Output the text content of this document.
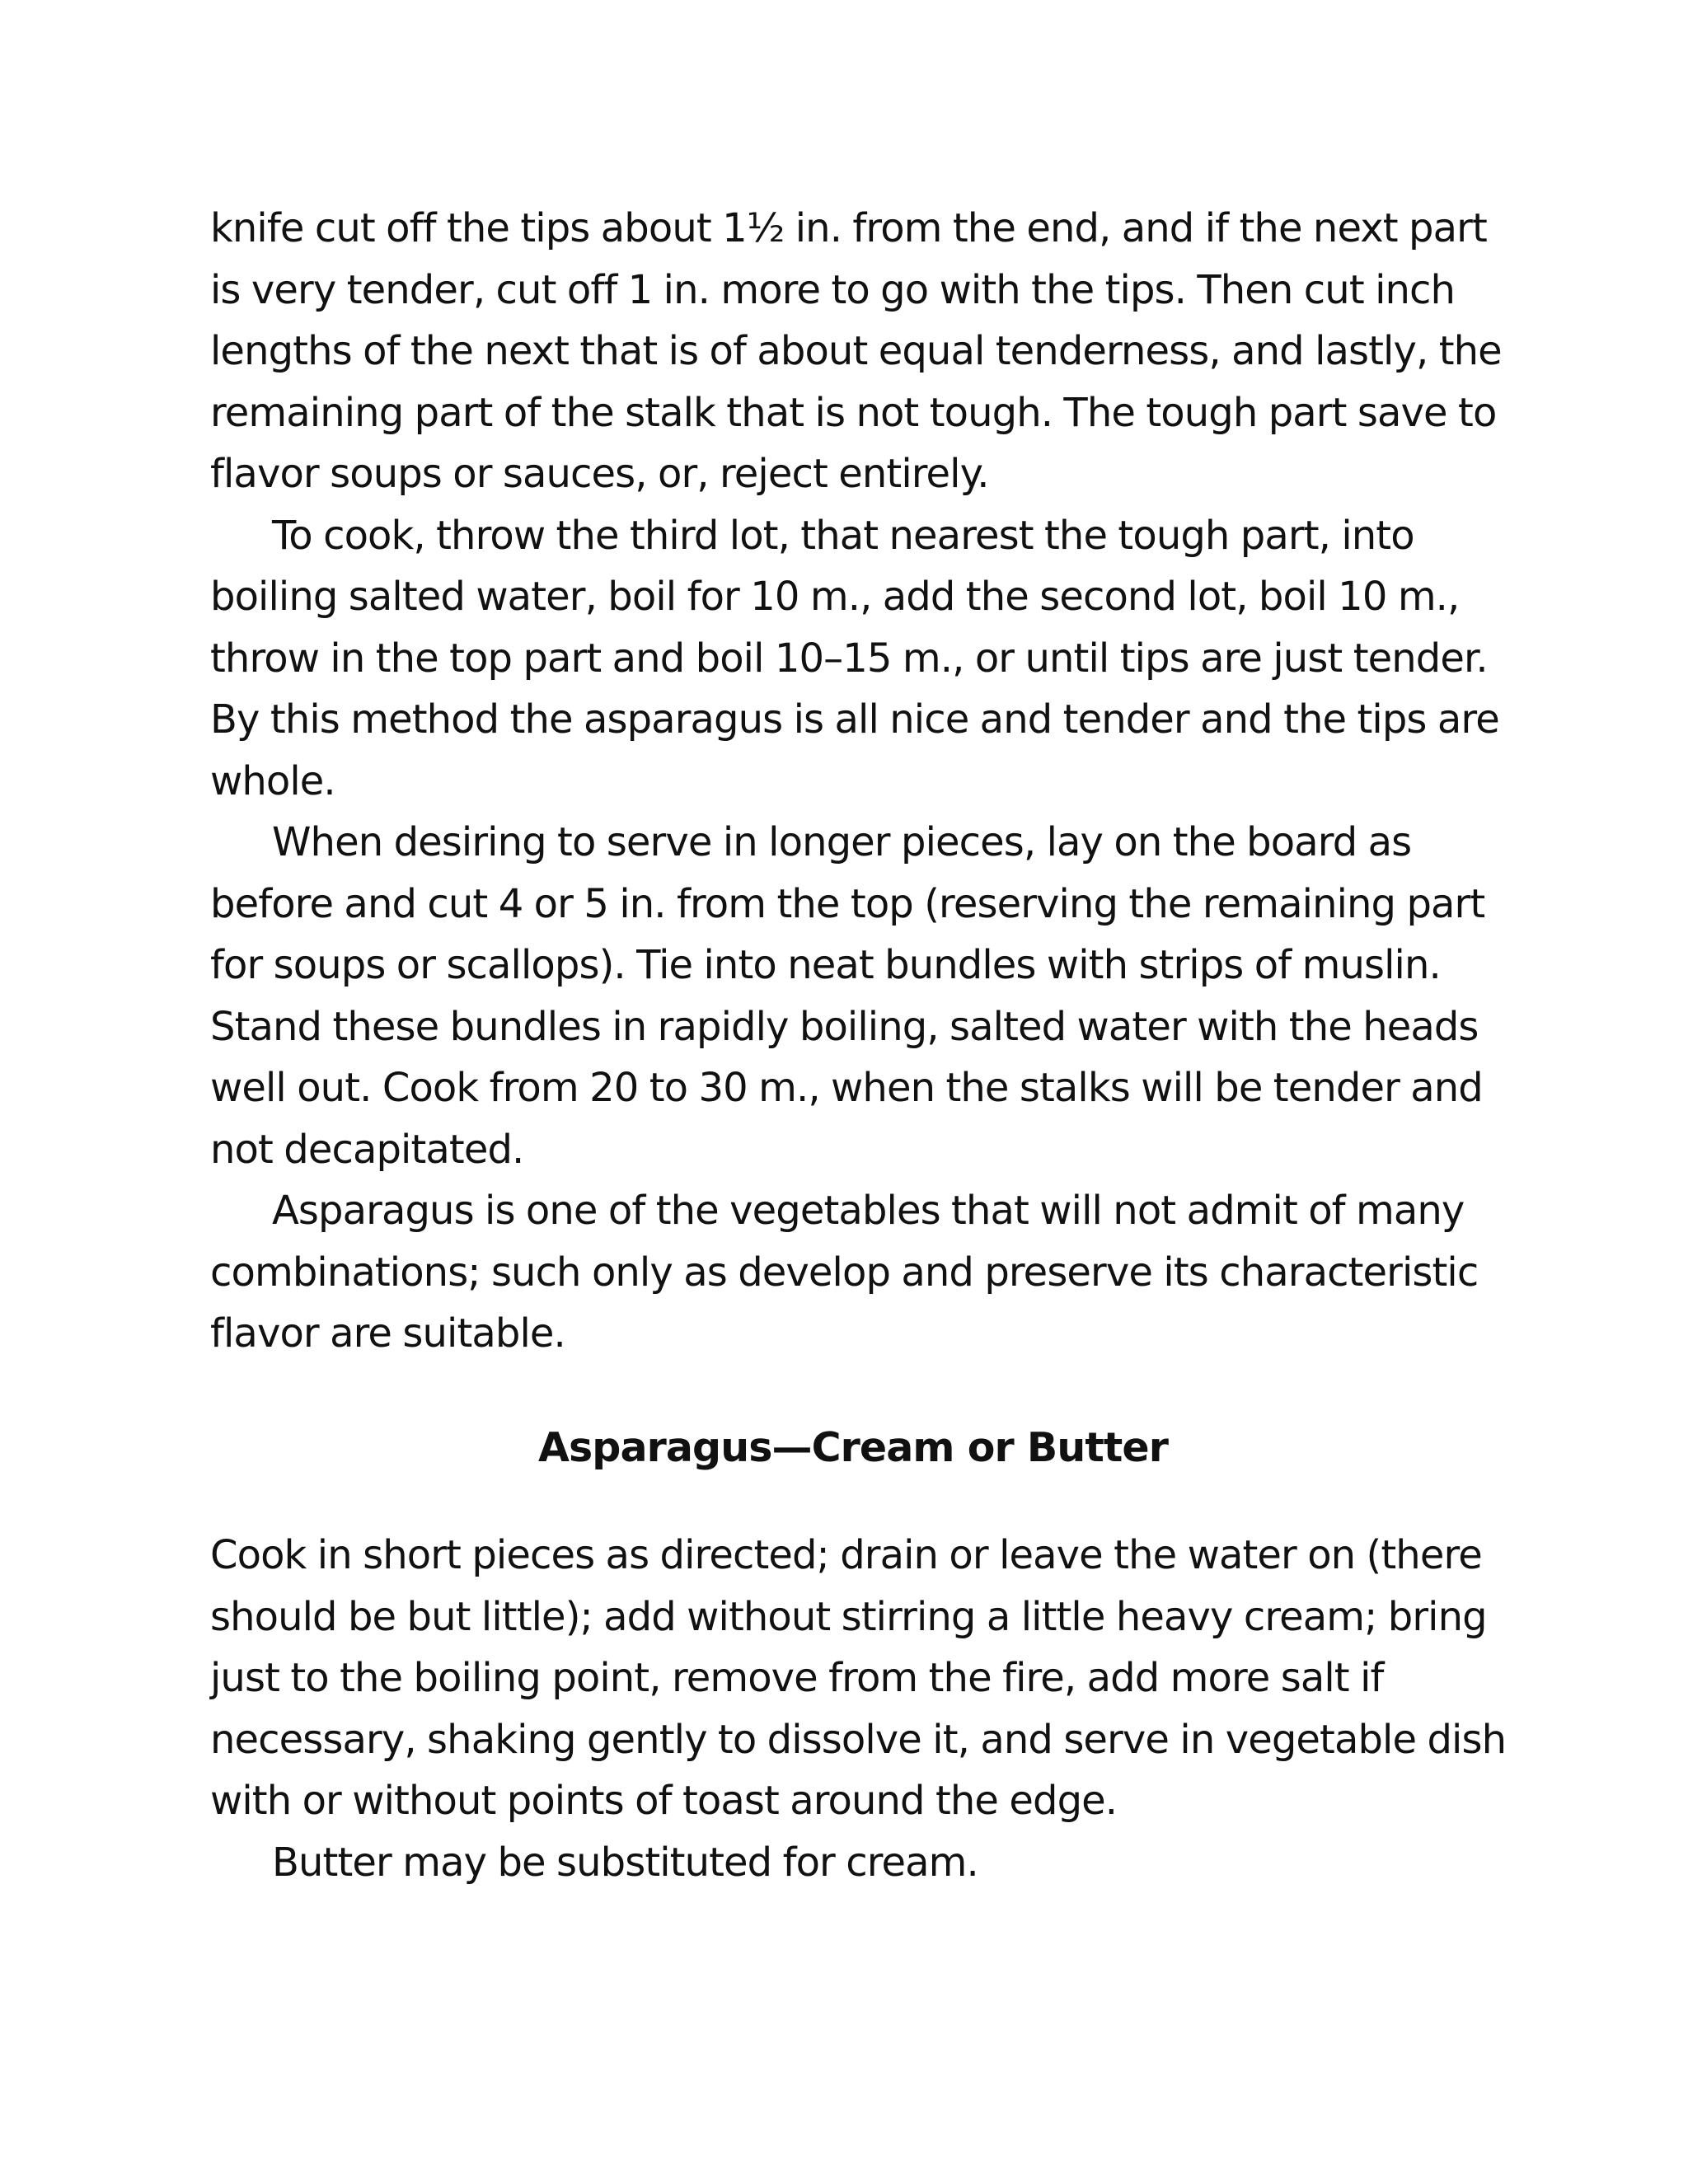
knife cut off the tips about 1½ in. from the end, and if the next part
is very tender, cut off 1 in. more to go with the tips. Then cut inch
lengths of the next that is of about equal tenderness, and lastly, the
remaining part of the stalk that is not tough. The tough part save to
flavor soups or sauces, or, reject entirely.
To cook, throw the third lot, that nearest the tough part, into
boiling salted water, boil for 10 m., add the second lot, boil 10 m.,
throw in the top part and boil 10–15 m., or until tips are just tender.
By this method the asparagus is all nice and tender and the tips are
whole.
When desiring to serve in longer pieces, lay on the board as
before and cut 4 or 5 in. from the top (reserving the remaining part
for soups or scallops). Tie into neat bundles with strips of muslin.
Stand these bundles in rapidly boiling, salted water with the heads
well out. Cook from 20 to 30 m., when the stalks will be tender and
not decapitated.
Asparagus is one of the vegetables that will not admit of many
combinations; such only as develop and preserve its characteristic
flavor are suitable.
Asparagus—Cream or Butter
Cook in short pieces as directed; drain or leave the water on (there
should be but little); add without stirring a little heavy cream; bring
just to the boiling point, remove from the fire, add more salt if
necessary, shaking gently to dissolve it, and serve in vegetable dish
with or without points of toast around the edge.
Butter may be substituted for cream.
